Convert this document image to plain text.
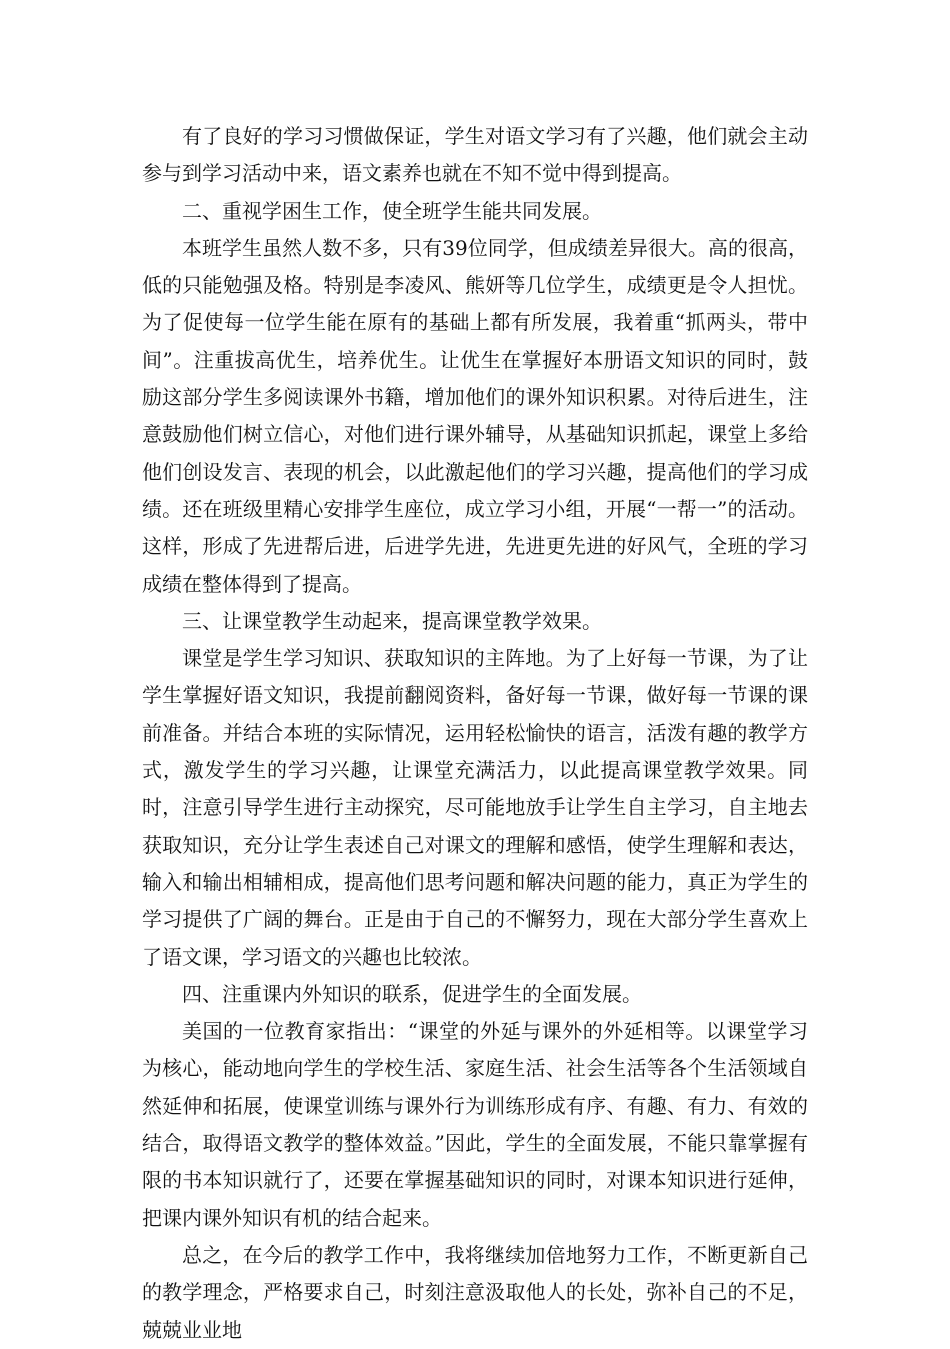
有了良好的学习习惯做保证，学生对语文学习有了兴趣，他们就会主动参与到学习活动中来，语文素养也就在不知不觉中得到提高。

二、重视学困生工作，使全班学生能共同发展。

本班学生虽然人数不多，只有39位同学，但成绩差异很大。高的很高，低的只能勉强及格。特别是李凌风、熊妍等几位学生，成绩更是令人担忧。为了促使每一位学生能在原有的基础上都有所发展，我着重“抓两头，带中间”。注重拔高优生，培养优生。让优生在掌握好本册语文知识的同时，鼓励这部分学生多阅读课外书籍，增加他们的课外知识积累。对待后进生，注意鼓励他们树立信心，对他们进行课外辅导，从基础知识抓起，课堂上多给他们创设发言、表现的机会，以此激起他们的学习兴趣，提高他们的学习成绩。还在班级里精心安排学生座位，成立学习小组，开展“一帮一”的活动。这样，形成了先进帮后进，后进学先进，先进更先进的好风气，全班的学习成绩在整体得到了提高。

三、让课堂教学生动起来，提高课堂教学效果。

课堂是学生学习知识、获取知识的主阵地。为了上好每一节课，为了让学生掌握好语文知识，我提前翻阅资料，备好每一节课，做好每一节课的课前准备。并结合本班的实际情况，运用轻松愉快的语言，活泼有趣的教学方式，激发学生的学习兴趣，让课堂充满活力，以此提高课堂教学效果。同时，注意引导学生进行主动探究，尽可能地放手让学生自主学习，自主地去获取知识，充分让学生表述自己对课文的理解和感悟，使学生理解和表达，输入和输出相辅相成，提高他们思考问题和解决问题的能力，真正为学生的学习提供了广阔的舞台。正是由于自己的不懈努力，现在大部分学生喜欢上了语文课，学习语文的兴趣也比较浓。

四、注重课内外知识的联系，促进学生的全面发展。

美国的一位教育家指出：“课堂的外延与课外的外延相等。以课堂学习为核心，能动地向学生的学校生活、家庭生活、社会生活等各个生活领域自然延伸和拓展，使课堂训练与课外行为训练形成有序、有趣、有力、有效的结合，取得语文教学的整体效益。”因此，学生的全面发展，不能只靠掌握有限的书本知识就行了，还要在掌握基础知识的同时，对课本知识进行延伸，把课内课外知识有机的结合起来。

总之，在今后的教学工作中，我将继续加倍地努力工作，不断更新自己的教学理念，严格要求自己，时刻注意汲取他人的长处，弥补自己的不足，兢兢业业地
